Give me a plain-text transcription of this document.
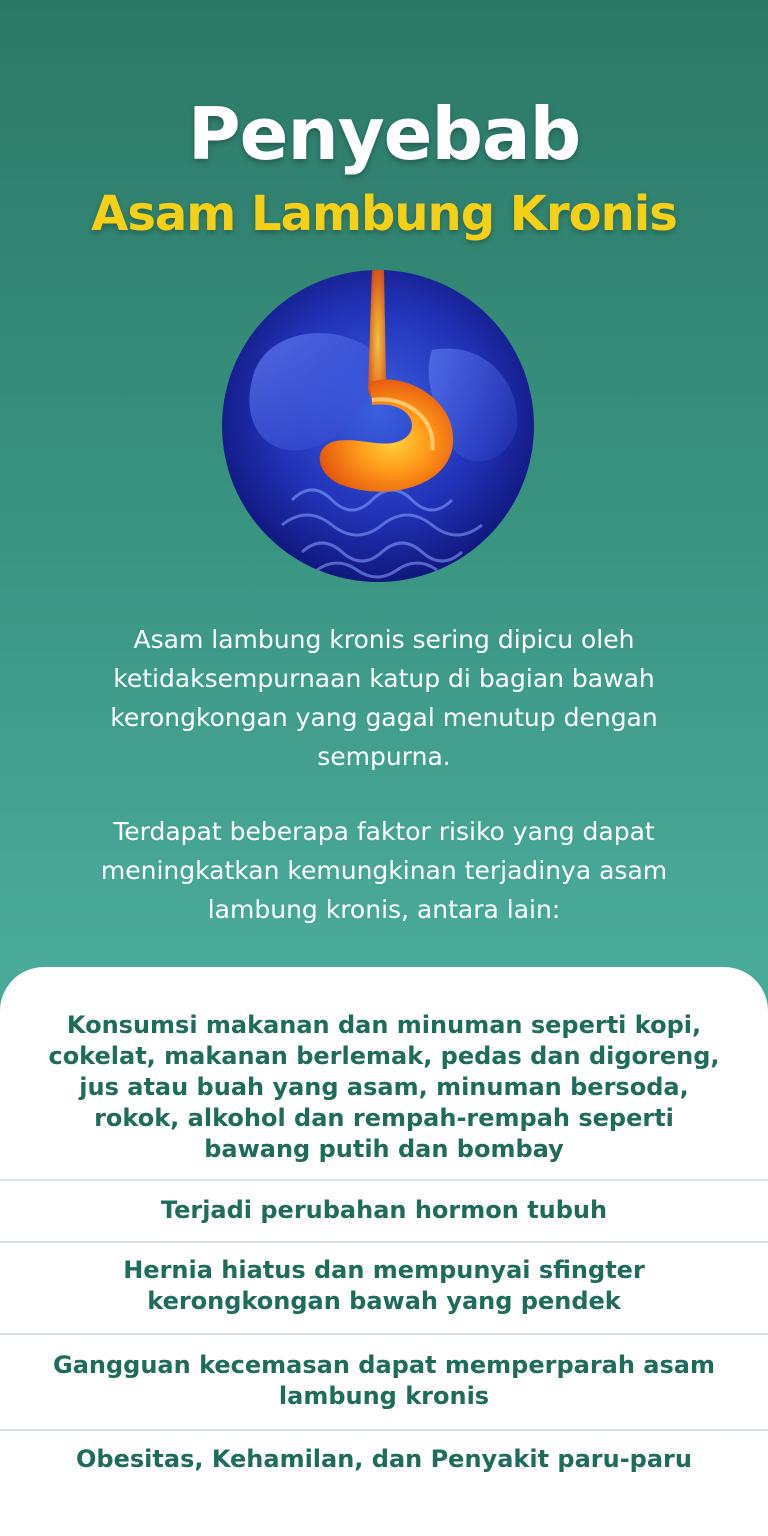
Penyebab
Asam Lambung Kronis

Asam lambung kronis sering dipicu oleh ketidaksempurnaan katup di bagian bawah kerongkongan yang gagal menutup dengan sempurna.

Terdapat beberapa faktor risiko yang dapat meningkatkan kemungkinan terjadinya asam lambung kronis, antara lain:

Konsumsi makanan dan minuman seperti kopi, cokelat, makanan berlemak, pedas dan digoreng, jus atau buah yang asam, minuman bersoda, rokok, alkohol dan rempah-rempah seperti bawang putih dan bombay
Terjadi perubahan hormon tubuh
Hernia hiatus dan mempunyai sfingter kerongkongan bawah yang pendek
Gangguan kecemasan dapat memperparah asam lambung kronis
Obesitas, Kehamilan, dan Penyakit paru-paru
